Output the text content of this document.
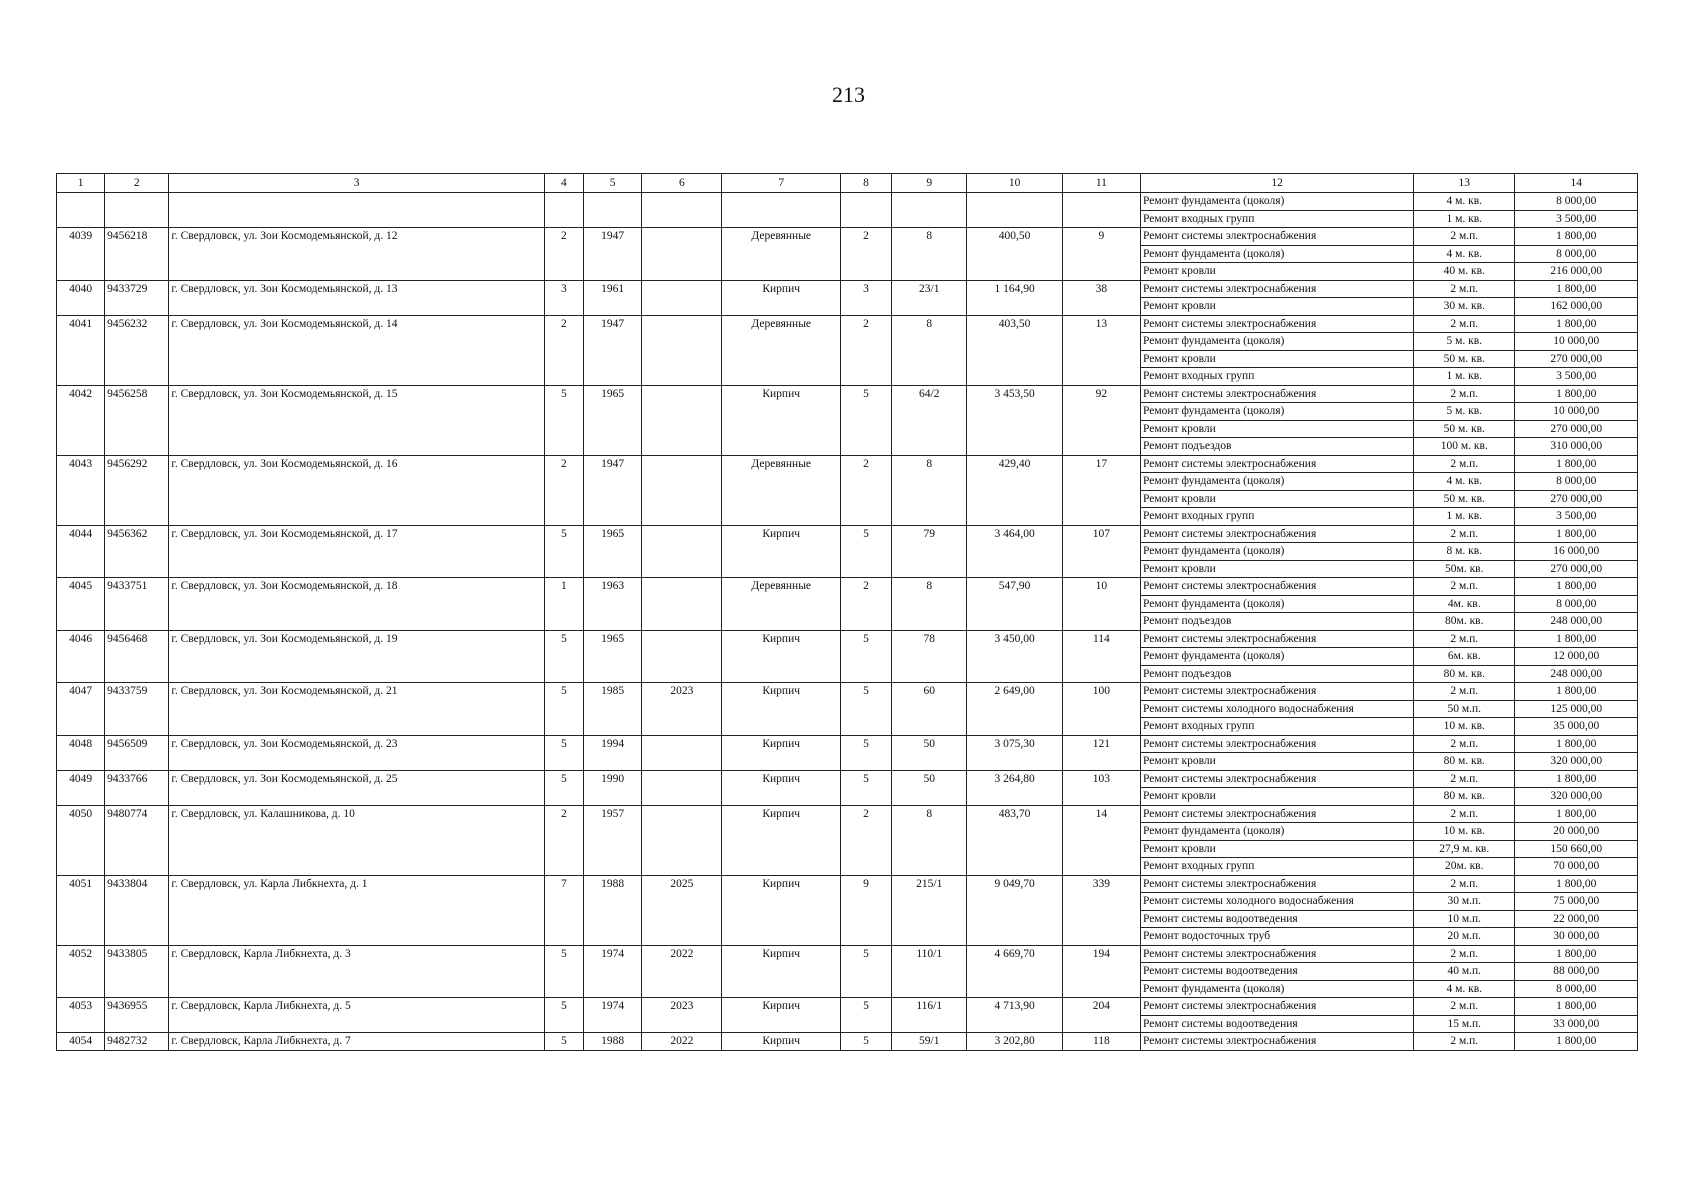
213
1	2	3	4	5	6	7	8	9	10	11	12	13	14
											Ремонт фундамента (цоколя)	4 м. кв.	8 000,00
											Ремонт входных групп	1 м. кв.	3 500,00
4039	9456218	г. Свердловск, ул. Зои Космодемьянской, д. 12	2	1947		Деревянные	2	8	400,50	9	Ремонт системы электроснабжения	2 м.п.	1 800,00
											Ремонт фундамента (цоколя)	4 м. кв.	8 000,00
											Ремонт кровли	40 м. кв.	216 000,00
4040	9433729	г. Свердловск, ул. Зои Космодемьянской, д. 13	3	1961		Кирпич	3	23/1	1 164,90	38	Ремонт системы электроснабжения	2 м.п.	1 800,00
											Ремонт кровли	30 м. кв.	162 000,00
4041	9456232	г. Свердловск, ул. Зои Космодемьянской, д. 14	2	1947		Деревянные	2	8	403,50	13	Ремонт системы электроснабжения	2 м.п.	1 800,00
											Ремонт фундамента (цоколя)	5 м. кв.	10 000,00
											Ремонт кровли	50 м. кв.	270 000,00
											Ремонт входных групп	1 м. кв.	3 500,00
4042	9456258	г. Свердловск, ул. Зои Космодемьянской, д. 15	5	1965		Кирпич	5	64/2	3 453,50	92	Ремонт системы электроснабжения	2 м.п.	1 800,00
											Ремонт фундамента (цоколя)	5 м. кв.	10 000,00
											Ремонт кровли	50 м. кв.	270 000,00
											Ремонт подъездов	100 м. кв.	310 000,00
4043	9456292	г. Свердловск, ул. Зои Космодемьянской, д. 16	2	1947		Деревянные	2	8	429,40	17	Ремонт системы электроснабжения	2 м.п.	1 800,00
											Ремонт фундамента (цоколя)	4 м. кв.	8 000,00
											Ремонт кровли	50 м. кв.	270 000,00
											Ремонт входных групп	1 м. кв.	3 500,00
4044	9456362	г. Свердловск, ул. Зои Космодемьянской, д. 17	5	1965		Кирпич	5	79	3 464,00	107	Ремонт системы электроснабжения	2 м.п.	1 800,00
											Ремонт фундамента (цоколя)	8 м. кв.	16 000,00
											Ремонт кровли	50м. кв.	270 000,00
4045	9433751	г. Свердловск, ул. Зои Космодемьянской, д. 18	1	1963		Деревянные	2	8	547,90	10	Ремонт системы электроснабжения	2 м.п.	1 800,00
											Ремонт фундамента (цоколя)	4м. кв.	8 000,00
											Ремонт подъездов	80м. кв.	248 000,00
4046	9456468	г. Свердловск, ул. Зои Космодемьянской, д. 19	5	1965		Кирпич	5	78	3 450,00	114	Ремонт системы электроснабжения	2 м.п.	1 800,00
											Ремонт фундамента (цоколя)	6м. кв.	12 000,00
											Ремонт подъездов	80 м. кв.	248 000,00
4047	9433759	г. Свердловск, ул. Зои Космодемьянской, д. 21	5	1985	2023	Кирпич	5	60	2 649,00	100	Ремонт системы электроснабжения	2 м.п.	1 800,00
											Ремонт системы холодного водоснабжения	50 м.п.	125 000,00
											Ремонт входных групп	10 м. кв.	35 000,00
4048	9456509	г. Свердловск, ул. Зои Космодемьянской, д. 23	5	1994		Кирпич	5	50	3 075,30	121	Ремонт системы электроснабжения	2 м.п.	1 800,00
											Ремонт кровли	80 м. кв.	320 000,00
4049	9433766	г. Свердловск, ул. Зои Космодемьянской, д. 25	5	1990		Кирпич	5	50	3 264,80	103	Ремонт системы электроснабжения	2 м.п.	1 800,00
											Ремонт кровли	80 м. кв.	320 000,00
4050	9480774	г. Свердловск, ул. Калашникова, д. 10	2	1957		Кирпич	2	8	483,70	14	Ремонт системы электроснабжения	2 м.п.	1 800,00
											Ремонт фундамента (цоколя)	10 м. кв.	20 000,00
											Ремонт кровли	27,9 м. кв.	150 660,00
											Ремонт входных групп	20м. кв.	70 000,00
4051	9433804	г. Свердловск, ул. Карла Либкнехта, д. 1	7	1988	2025	Кирпич	9	215/1	9 049,70	339	Ремонт системы электроснабжения	2 м.п.	1 800,00
											Ремонт системы холодного водоснабжения	30 м.п.	75 000,00
											Ремонт системы водоотведения	10 м.п.	22 000,00
											Ремонт водосточных труб	20 м.п.	30 000,00
4052	9433805	г. Свердловск, Карла Либкнехта, д. 3	5	1974	2022	Кирпич	5	110/1	4 669,70	194	Ремонт системы электроснабжения	2 м.п.	1 800,00
											Ремонт системы водоотведения	40 м.п.	88 000,00
											Ремонт фундамента (цоколя)	4 м. кв.	8 000,00
4053	9436955	г. Свердловск, Карла Либкнехта, д. 5	5	1974	2023	Кирпич	5	116/1	4 713,90	204	Ремонт системы электроснабжения	2 м.п.	1 800,00
											Ремонт системы водоотведения	15 м.п.	33 000,00
4054	9482732	г. Свердловск, Карла Либкнехта, д. 7	5	1988	2022	Кирпич	5	59/1	3 202,80	118	Ремонт системы электроснабжения	2 м.п.	1 800,00
